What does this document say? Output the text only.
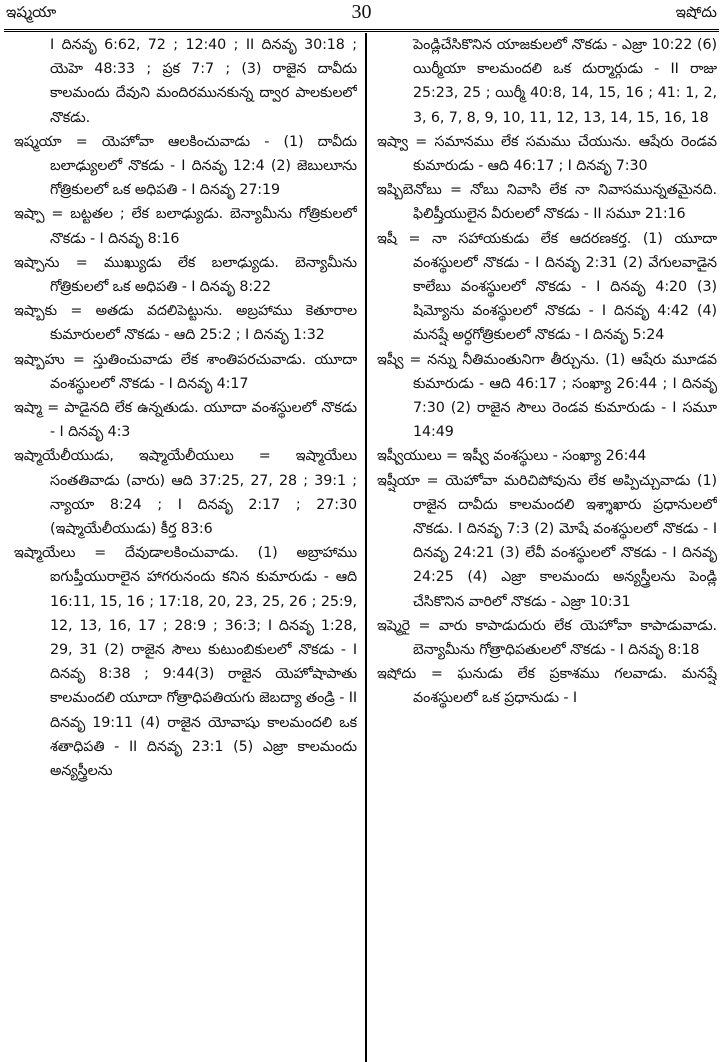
ఇష్మయా	30	ఇషోదు

I దినవృ 6:62, 72 ; 12:40 ; II దినవృ 30:18 ; యెహె 48:33 ; ప్రక 7:7 ; (3) రాజైన దావీదు కాలమందు దేవుని మందిరమునకున్న ద్వార పాలకులలో నొకడు.

ఇష్మయా = యెహోవా ఆలకించువాడు - (1) దావీదు బలాఢ్యులలో నొకడు - I దినవృ 12:4 (2) జెబులూను గోత్రికులలో ఒక అధిపతి - I దినవృ 27:19

ఇష్పా = బట్టతల ; లేక బలాఢ్యుడు. బెన్యామీను గోత్రికులలో నొకడు - I దినవృ 8:16

ఇష్పాను = ముఖ్యుడు లేక బలాఢ్యుడు. బెన్యామీను గోత్రికులలో ఒక అధిపతి - I దినవృ 8:22

ఇష్బాకు = అతడు వదలిపెట్టును. అబ్రహాము కెతూరాల కుమారులలో నొకడు - ఆది 25:2 ; I దినవృ 1:32

ఇష్బాహు = స్తుతించువాడు లేక శాంతిపరచువాడు. యూదా వంశస్థులలో నొకడు - I దినవృ 4:17

ఇష్మా = పాడైనది లేక ఉన్నతుడు. యూదా వంశస్థులలో నొకడు - I దినవృ 4:3

ఇష్మాయేలీయుడు, ఇష్మాయేలీయులు = ఇష్మాయేలు సంతతివాడు (వారు) ఆది 37:25, 27, 28 ; 39:1 ; న్యాయా 8:24 ; I దినవృ 2:17 ; 27:30 (ఇష్మాయేలీయుడు) కీర్త 83:6

ఇష్మాయేలు = దేవుడాలకించువాడు. (1) అబ్రాహాము ఐగుప్తీయురాలైన హాగరునందు కనిన కుమారుడు - ఆది 16:11, 15, 16 ; 17:18, 20, 23, 25, 26 ; 25:9, 12, 13, 16, 17 ; 28:9 ; 36:3; I దినవృ 1:28, 29, 31 (2) రాజైన సౌలు కుటుంబికులలో నొకడు - I దినవృ 8:38 ; 9:44(3) రాజైన యెహోషాపాతు కాలమందలి యూదా గోత్రాధిపతియగు జెబద్యా తండ్రి - II దినవృ 19:11 (4) రాజైన యోవాషు కాలమందలి ఒక శతాధిపతి - II దినవృ 23:1 (5) ఎజ్రా కాలమందు అన్యస్త్రీలను

పెండ్లిచేసికొనిన యాజకులలో నొకడు - ఎజ్రా 10:22 (6) యిర్మీయా కాలమందలి ఒక దుర్మార్గుడు - II రాజు 25:23, 25 ; యిర్మీ 40:8, 14, 15, 16 ; 41: 1, 2, 3, 6, 7, 8, 9, 10, 11, 12, 13, 14, 15, 16, 18

ఇష్వా = సమానము లేక సమము చేయును. ఆషేరు రెండవ కుమారుడు - ఆది 46:17 ; I దినవృ 7:30

ఇష్బిబెనోబు = నోబు నివాసి లేక నా నివాసమున్నతమైనది. ఫిలిష్తీయులైన వీరులలో నొకడు - II సమూ 21:16

ఇషీ = నా సహాయకుడు లేక ఆదరణకర్త. (1) యూదా వంశస్థులలో నొకడు - I దినవృ 2:31 (2) వేగులవాడైన కాలేబు వంశస్థులలో నొకడు - I దినవృ 4:20 (3) షిమ్యోను వంశస్థులలో నొకడు - I దినవృ 4:42 (4) మనష్షే అర్ధగోత్రికులలో నొకడు - I దినవృ 5:24

ఇష్వీ = నన్ను నీతిమంతునిగా తీర్చును. (1) ఆషేరు మూడవ కుమారుడు - ఆది 46:17 ; సంఖ్యా 26:44 ; I దినవృ 7:30 (2) రాజైన సౌలు రెండవ కుమారుడు - I సమూ 14:49

ఇష్వీయులు = ఇష్వీ వంశస్థులు - సంఖ్యా 26:44

ఇష్షీయా = యెహోవా మరిచిపోవును లేక అప్పిచ్చువాడు (1) రాజైన దావీదు కాలమందలి ఇశ్శాఖారు ప్రధానులలో నొకడు. I దినవృ 7:3 (2) మోషే వంశస్థులలో నొకడు - I దినవృ 24:21 (3) లేవీ వంశస్థులలో నొకడు - I దినవృ 24:25 (4) ఎజ్రా కాలమందు అన్యస్త్రీలను పెండ్లి చేసికొనిన వారిలో నొకడు - ఎజ్రా 10:31

ఇష్మెరై = వారు కాపాడుదురు లేక యెహోవా కాపాడువాడు. బెన్యామీను గోత్రాధిపతులలో నొకడు - I దినవృ 8:18

ఇషోదు = ఘనుడు లేక ప్రకాశము గలవాడు. మనష్షే వంశస్థులలో ఒక ప్రధానుడు - I
